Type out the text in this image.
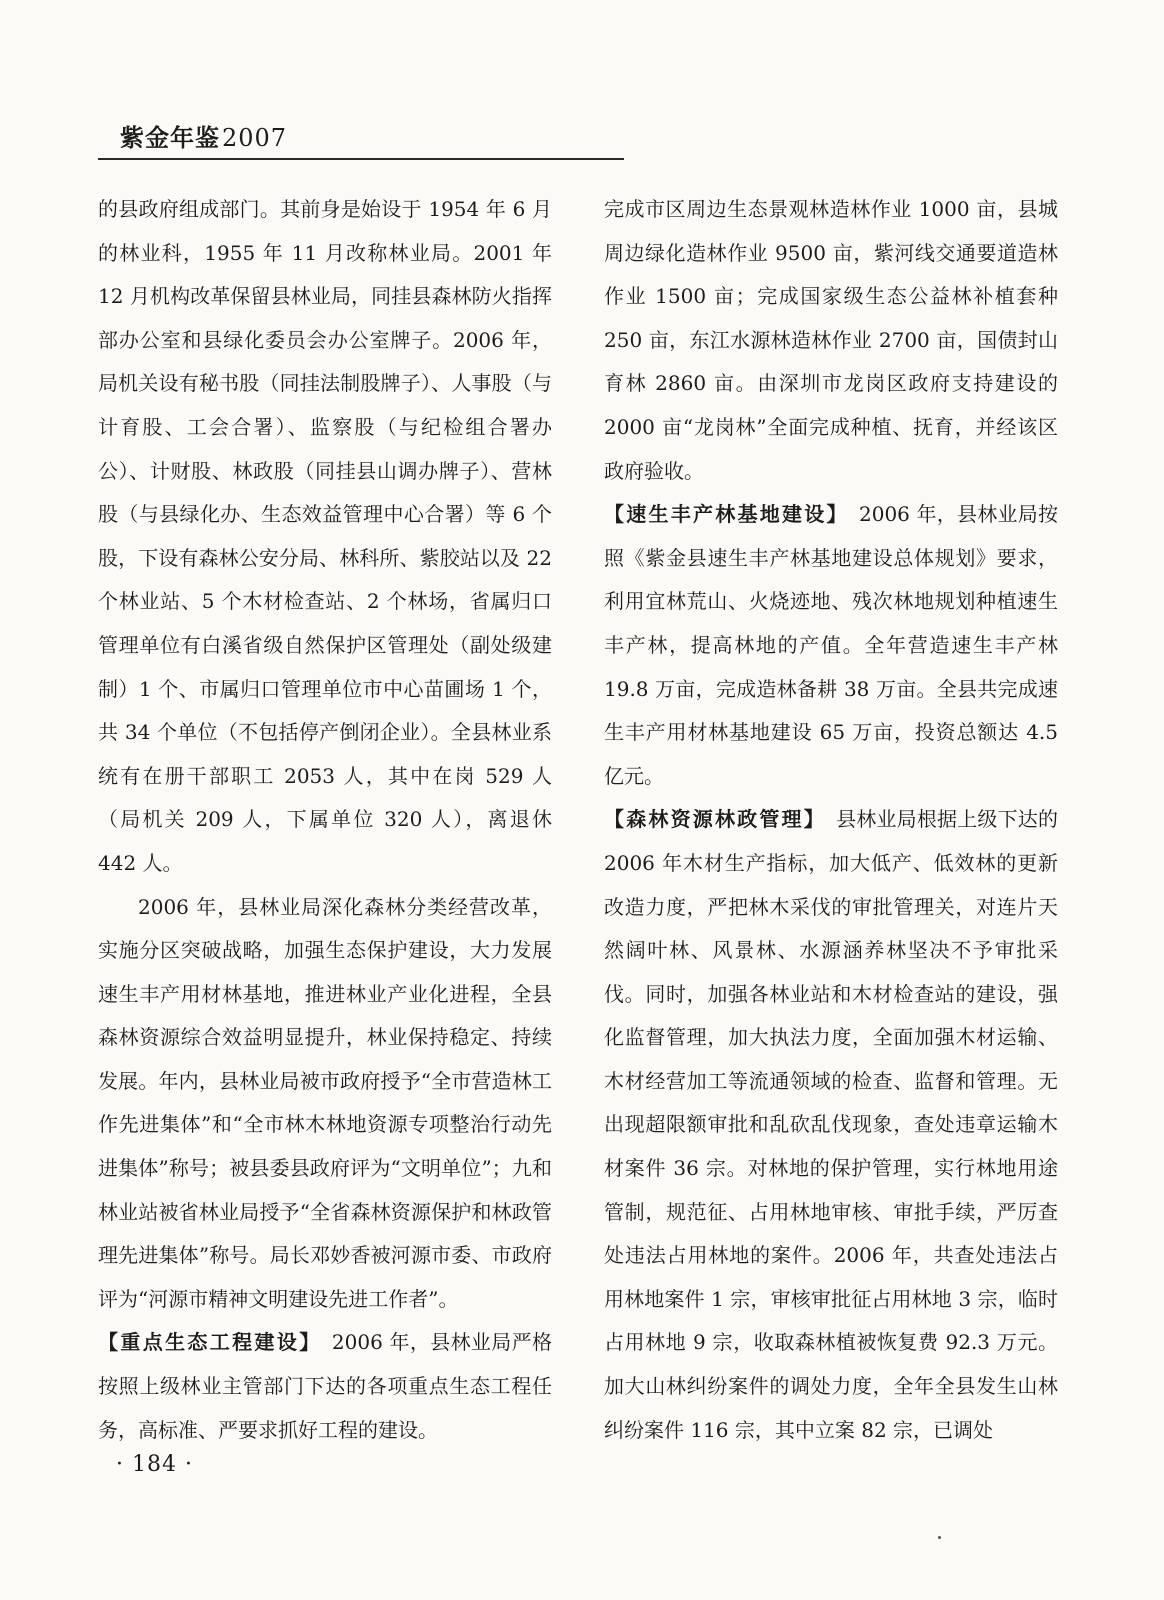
紫金年鉴2007

的县政府组成部门。其前身是始设于 1954 年 6 月的林业科，1955 年 11 月改称林业局。2001 年 12 月机构改革保留县林业局，同挂县森林防火指挥部办公室和县绿化委员会办公室牌子。2006 年，局机关设有秘书股（同挂法制股牌子）、人事股（与计育股、工会合署）、监察股（与纪检组合署办公）、计财股、林政股（同挂县山调办牌子）、营林股（与县绿化办、生态效益管理中心合署）等 6 个股，下设有森林公安分局、林科所、紫胶站以及 22 个林业站、5 个木材检查站、2 个林场，省属归口管理单位有白溪省级自然保护区管理处（副处级建制）1 个、市属归口管理单位市中心苗圃场 1 个，共 34 个单位（不包括停产倒闭企业）。全县林业系统有在册干部职工 2053 人，其中在岗 529 人（局机关 209 人，下属单位 320 人），离退休 442 人。

2006 年，县林业局深化森林分类经营改革，实施分区突破战略，加强生态保护建设，大力发展速生丰产用材林基地，推进林业产业化进程，全县森林资源综合效益明显提升，林业保持稳定、持续发展。年内，县林业局被市政府授予“全市营造林工作先进集体”和“全市林木林地资源专项整治行动先进集体”称号；被县委县政府评为“文明单位”；九和林业站被省林业局授予“全省森林资源保护和林政管理先进集体”称号。局长邓妙香被河源市委、市政府评为“河源市精神文明建设先进工作者”。

【重点生态工程建设】　2006 年，县林业局严格按照上级林业主管部门下达的各项重点生态工程任务，高标准、严要求抓好工程的建设。

完成市区周边生态景观林造林作业 1000 亩，县城周边绿化造林作业 9500 亩，紫河线交通要道造林作业 1500 亩；完成国家级生态公益林补植套种 250 亩，东江水源林造林作业 2700 亩，国债封山育林 2860 亩。由深圳市龙岗区政府支持建设的 2000 亩“龙岗林”全面完成种植、抚育，并经该区政府验收。

【速生丰产林基地建设】　2006 年，县林业局按照《紫金县速生丰产林基地建设总体规划》要求，利用宜林荒山、火烧迹地、残次林地规划种植速生丰产林，提高林地的产值。全年营造速生丰产林 19.8 万亩，完成造林备耕 38 万亩。全县共完成速生丰产用材林基地建设 65 万亩，投资总额达 4.5 亿元。

【森林资源林政管理】　县林业局根据上级下达的 2006 年木材生产指标，加大低产、低效林的更新改造力度，严把林木采伐的审批管理关，对连片天然阔叶林、风景林、水源涵养林坚决不予审批采伐。同时，加强各林业站和木材检查站的建设，强化监督管理，加大执法力度，全面加强木材运输、木材经营加工等流通领域的检查、监督和管理。无出现超限额审批和乱砍乱伐现象，查处违章运输木材案件 36 宗。对林地的保护管理，实行林地用途管制，规范征、占用林地审核、审批手续，严厉查处违法占用林地的案件。2006 年，共查处违法占用林地案件 1 宗，审核审批征占用林地 3 宗，临时占用林地 9 宗，收取森林植被恢复费 92.3 万元。加大山林纠纷案件的调处力度，全年全县发生山林纠纷案件 116 宗，其中立案 82 宗，已调处

· 184 ·
